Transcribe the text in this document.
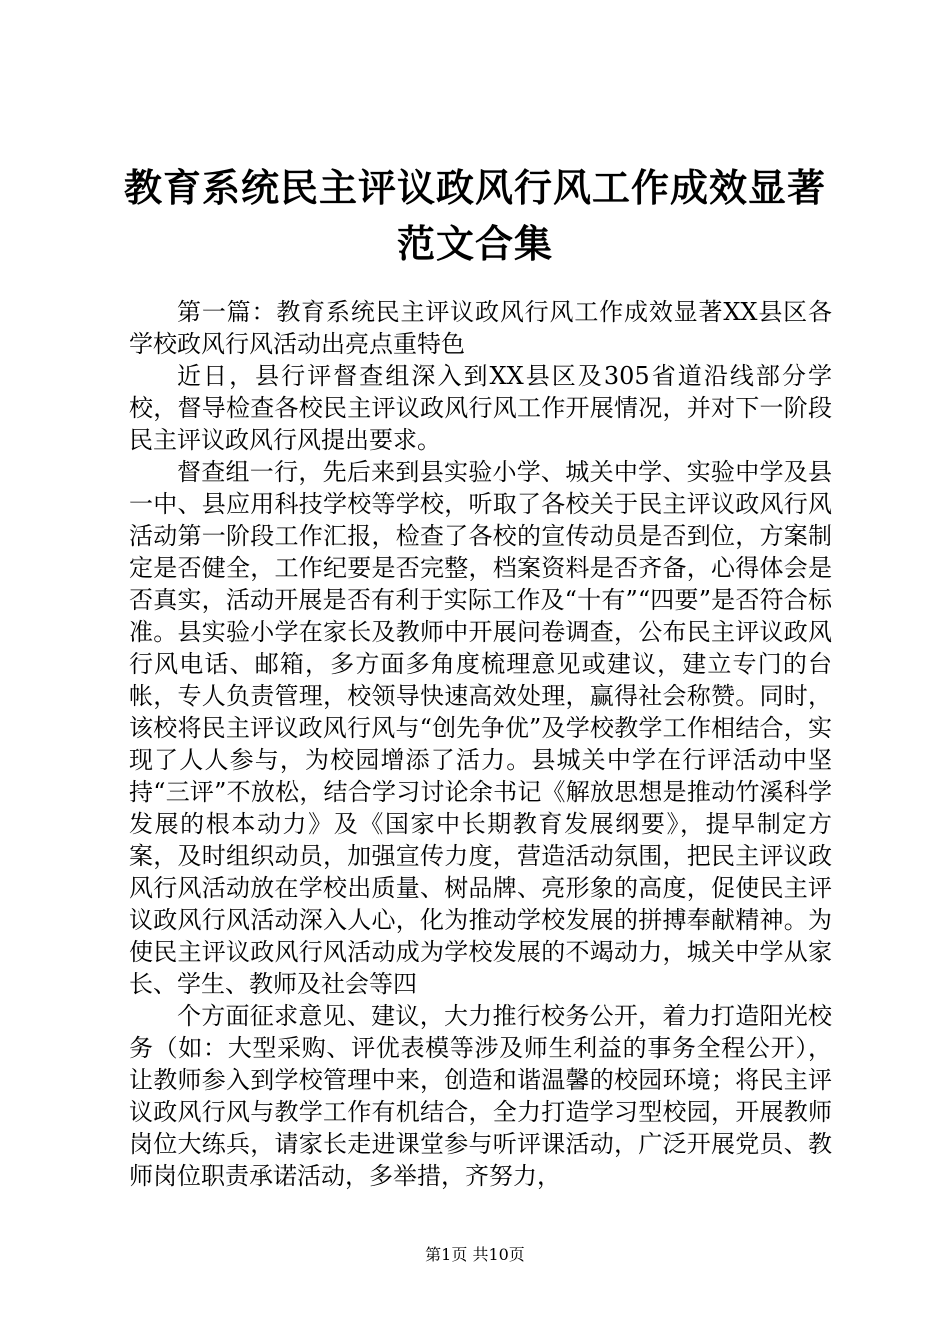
教育系统民主评议政风行风工作成效显著范文合集

第一篇：教育系统民主评议政风行风工作成效显著XX县区各学校政风行风活动出亮点重特色

近日，县行评督查组深入到XX县区及305省道沿线部分学校，督导检查各校民主评议政风行风工作开展情况，并对下一阶段民主评议政风行风提出要求。

督查组一行，先后来到县实验小学、城关中学、实验中学及县一中、县应用科技学校等学校，听取了各校关于民主评议政风行风活动第一阶段工作汇报，检查了各校的宣传动员是否到位，方案制定是否健全，工作纪要是否完整，档案资料是否齐备，心得体会是否真实，活动开展是否有利于实际工作及“十有”“四要”是否符合标准。县实验小学在家长及教师中开展问卷调查，公布民主评议政风行风电话、邮箱，多方面多角度梳理意见或建议，建立专门的台帐，专人负责管理，校领导快速高效处理，赢得社会称赞。同时，该校将民主评议政风行风与“创先争优”及学校教学工作相结合，实现了人人参与，为校园增添了活力。县城关中学在行评活动中坚持“三评”不放松，结合学习讨论余书记《解放思想是推动竹溪科学发展的根本动力》及《国家中长期教育发展纲要》，提早制定方案，及时组织动员，加强宣传力度，营造活动氛围，把民主评议政风行风活动放在学校出质量、树品牌、亮形象的高度，促使民主评议政风行风活动深入人心，化为推动学校发展的拼搏奉献精神。为使民主评议政风行风活动成为学校发展的不竭动力，城关中学从家长、学生、教师及社会等四

个方面征求意见、建议，大力推行校务公开，着力打造阳光校务（如：大型采购、评优表模等涉及师生利益的事务全程公开），让教师参入到学校管理中来，创造和谐温馨的校园环境；将民主评议政风行风与教学工作有机结合，全力打造学习型校园，开展教师岗位大练兵，请家长走进课堂参与听评课活动，广泛开展党员、教师岗位职责承诺活动，多举措，齐努力，

第1页 共10页
